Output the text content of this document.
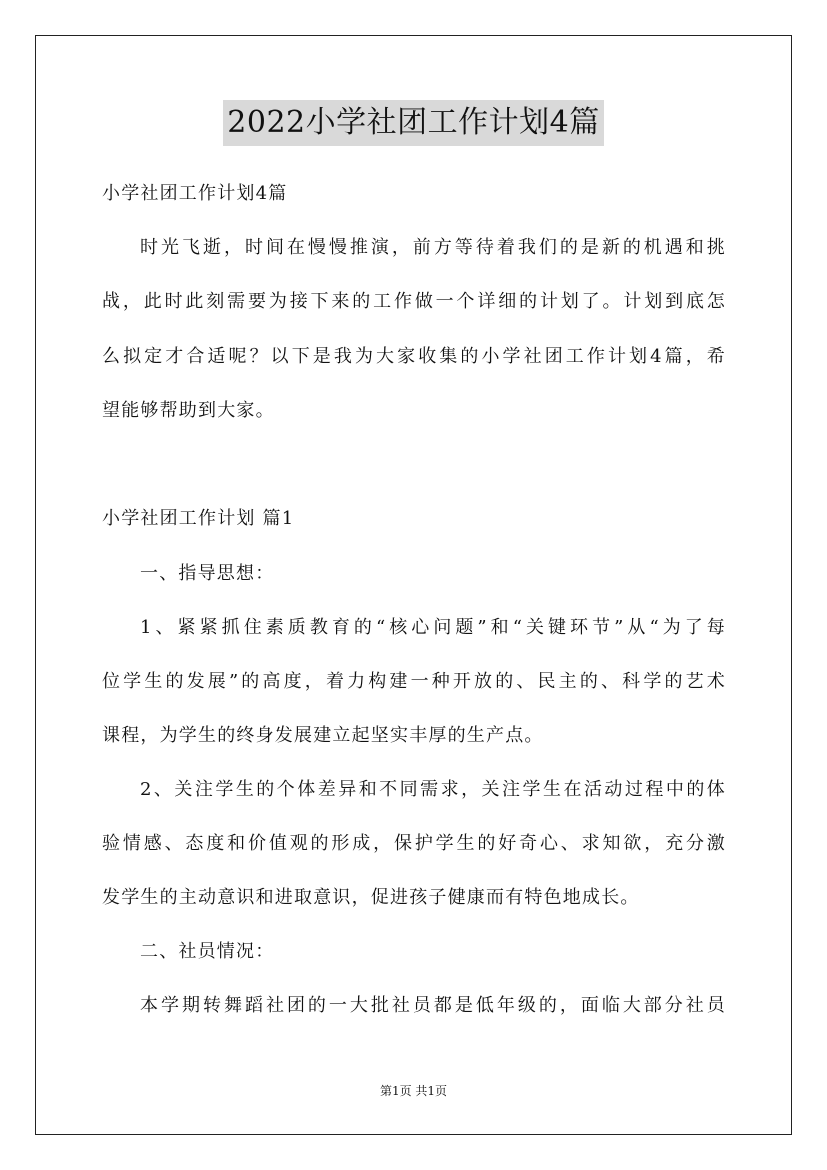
2022小学社团工作计划4篇
小学社团工作计划4篇
时光飞逝，时间在慢慢推演，前方等待着我们的是新的机遇和挑
战，此时此刻需要为接下来的工作做一个详细的计划了。计划到底怎
么拟定才合适呢？以下是我为大家收集的小学社团工作计划4篇，希
望能够帮助到大家。
小学社团工作计划 篇1
一、指导思想：
1、紧紧抓住素质教育的“核心问题”和“关键环节”从“为了每
位学生的发展”的高度，着力构建一种开放的、民主的、科学的艺术
课程，为学生的终身发展建立起坚实丰厚的生产点。
2、关注学生的个体差异和不同需求，关注学生在活动过程中的体
验情感、态度和价值观的形成，保护学生的好奇心、求知欲，充分激
发学生的主动意识和进取意识，促进孩子健康而有特色地成长。
二、社员情况：
本学期转舞蹈社团的一大批社员都是低年级的，面临大部分社员
第1页 共1页
